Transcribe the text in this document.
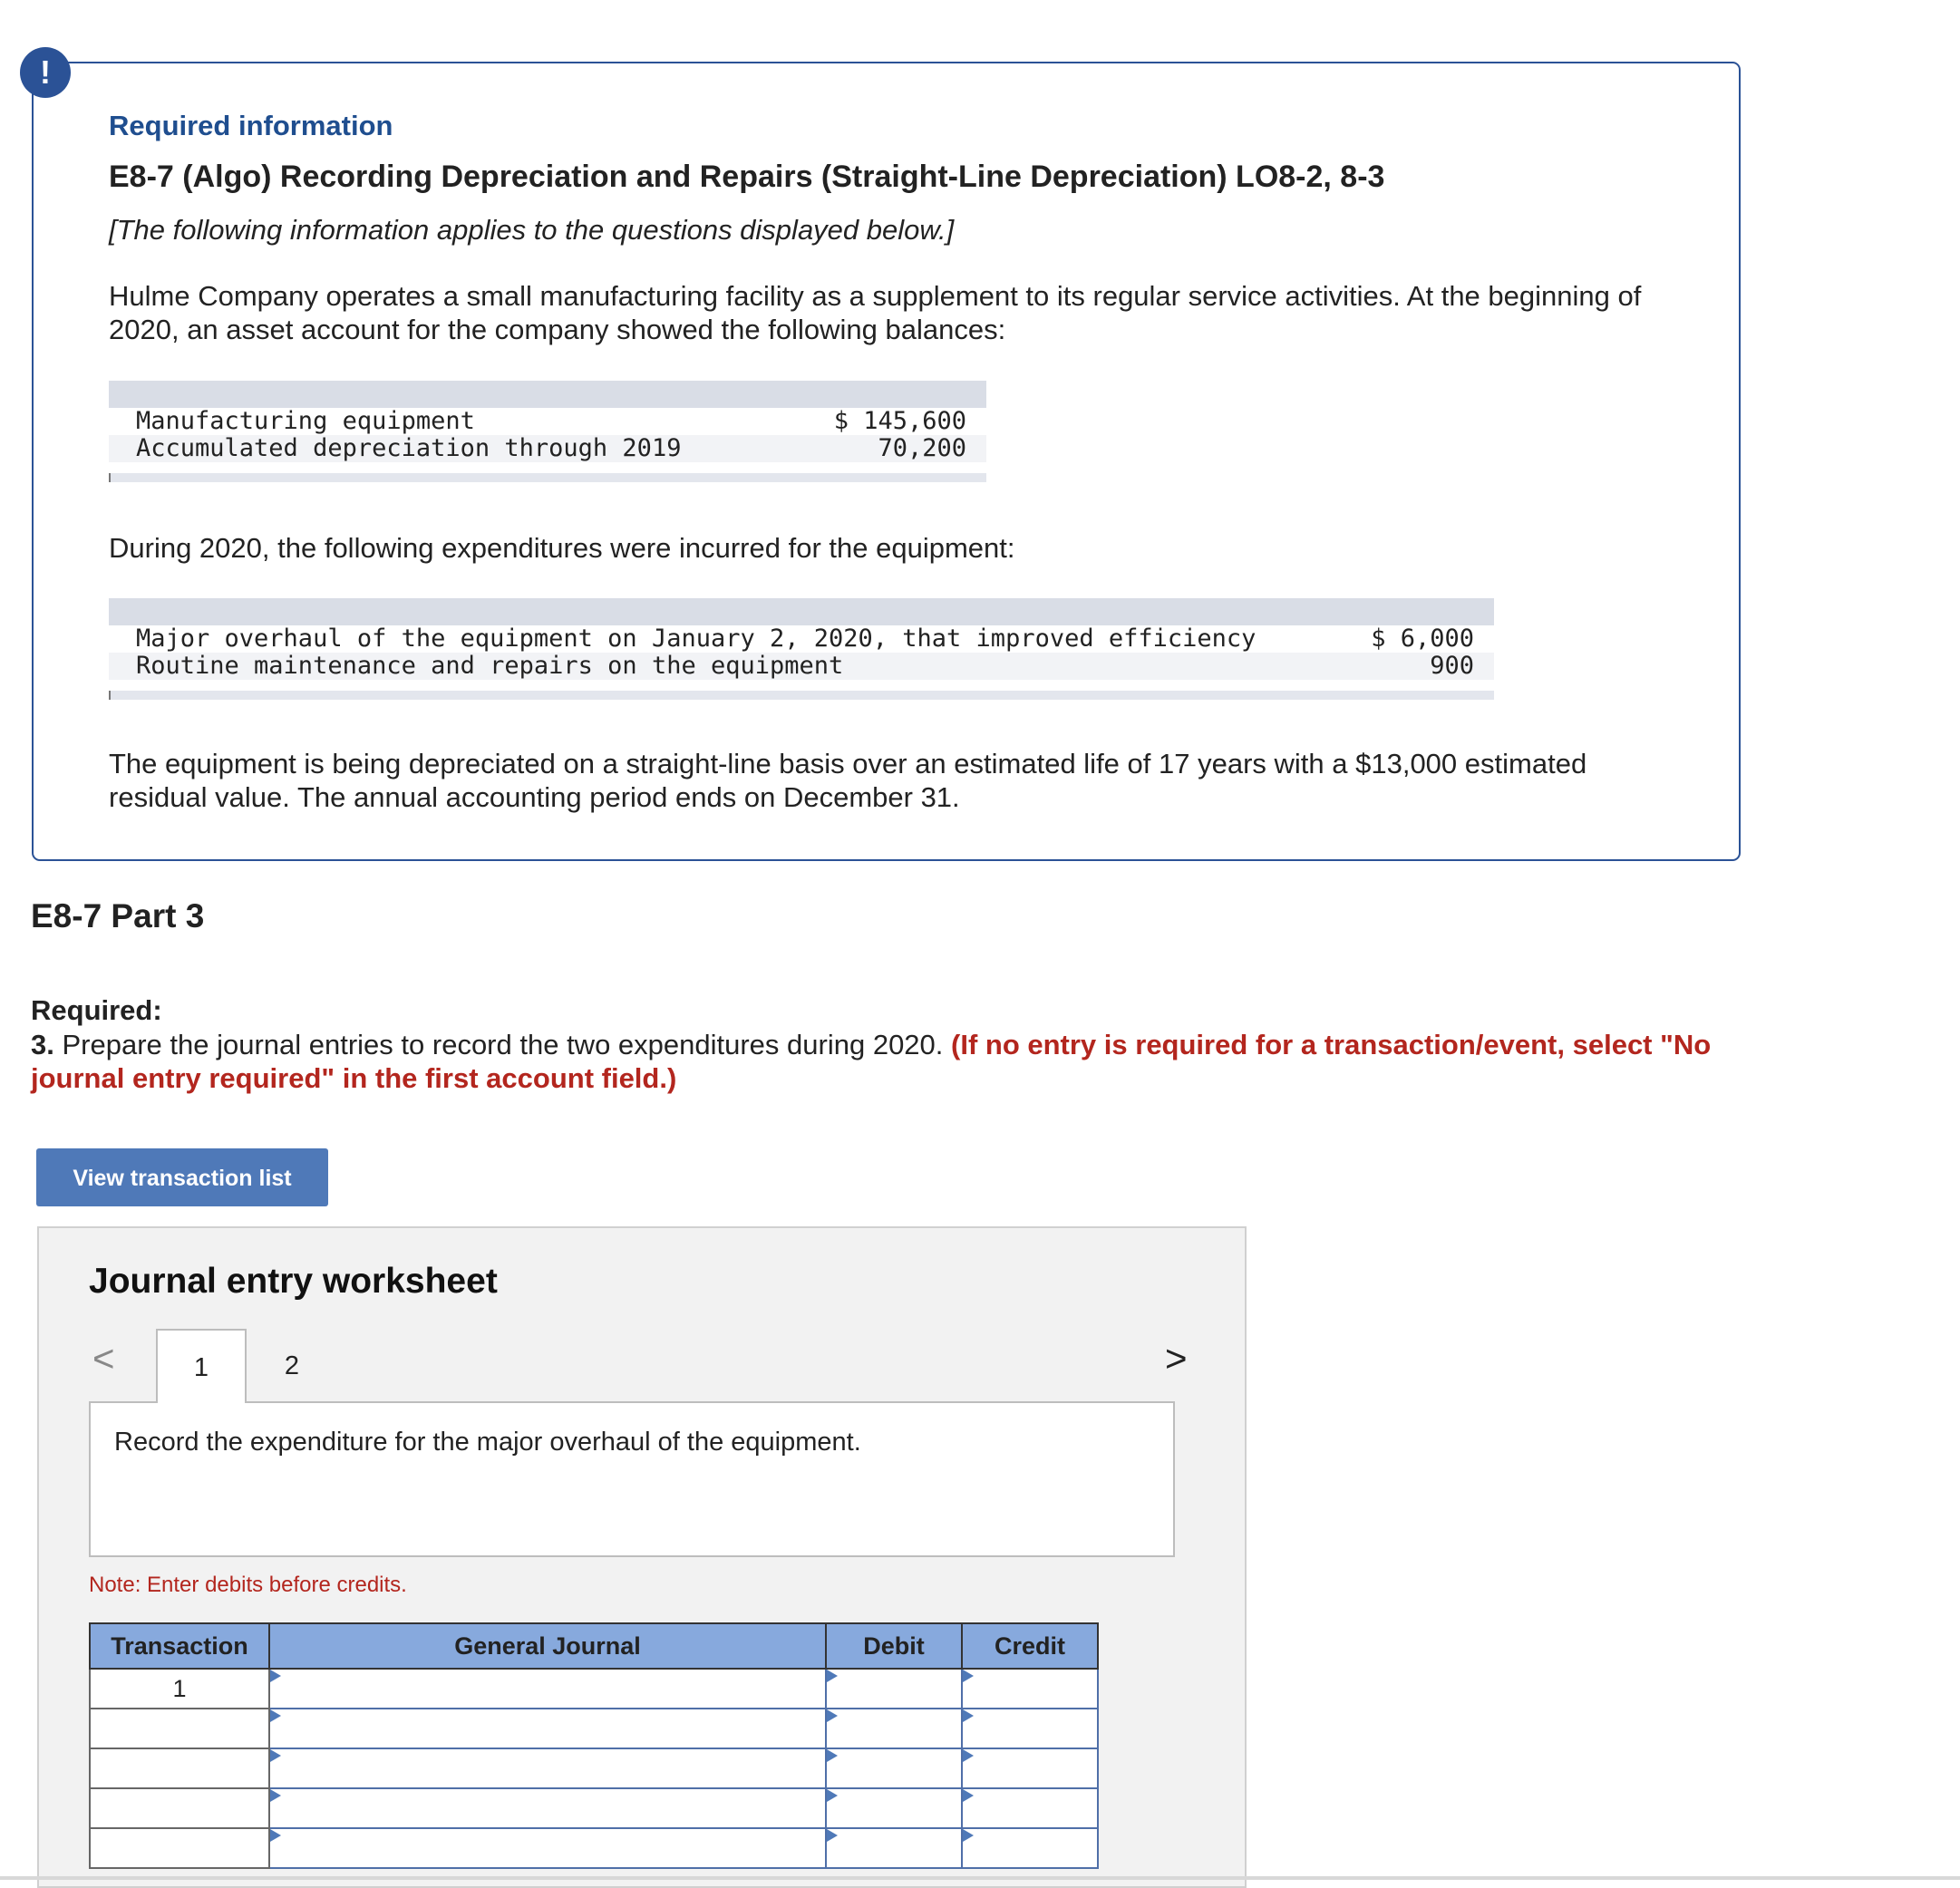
!
Required information
E8-7 (Algo) Recording Depreciation and Repairs (Straight-Line Depreciation) LO8-2, 8-3
[The following information applies to the questions displayed below.]
Hulme Company operates a small manufacturing facility as a supplement to its regular service activities. At the beginning of 2020, an asset account for the company showed the following balances:
Manufacturing equipment	$ 145,600
Accumulated depreciation through 2019	70,200
During 2020, the following expenditures were incurred for the equipment:
Major overhaul of the equipment on January 2, 2020, that improved efficiency	$ 6,000
Routine maintenance and repairs on the equipment	900
The equipment is being depreciated on a straight-line basis over an estimated life of 17 years with a $13,000 estimated residual value. The annual accounting period ends on December 31.
E8-7 Part 3
Required:
3. Prepare the journal entries to record the two expenditures during 2020. (If no entry is required for a transaction/event, select "No journal entry required" in the first account field.)
View transaction list
Journal entry worksheet
<	>
1	2
Record the expenditure for the major overhaul of the equipment.
Note: Enter debits before credits.
Transaction	General Journal	Debit	Credit
1			
